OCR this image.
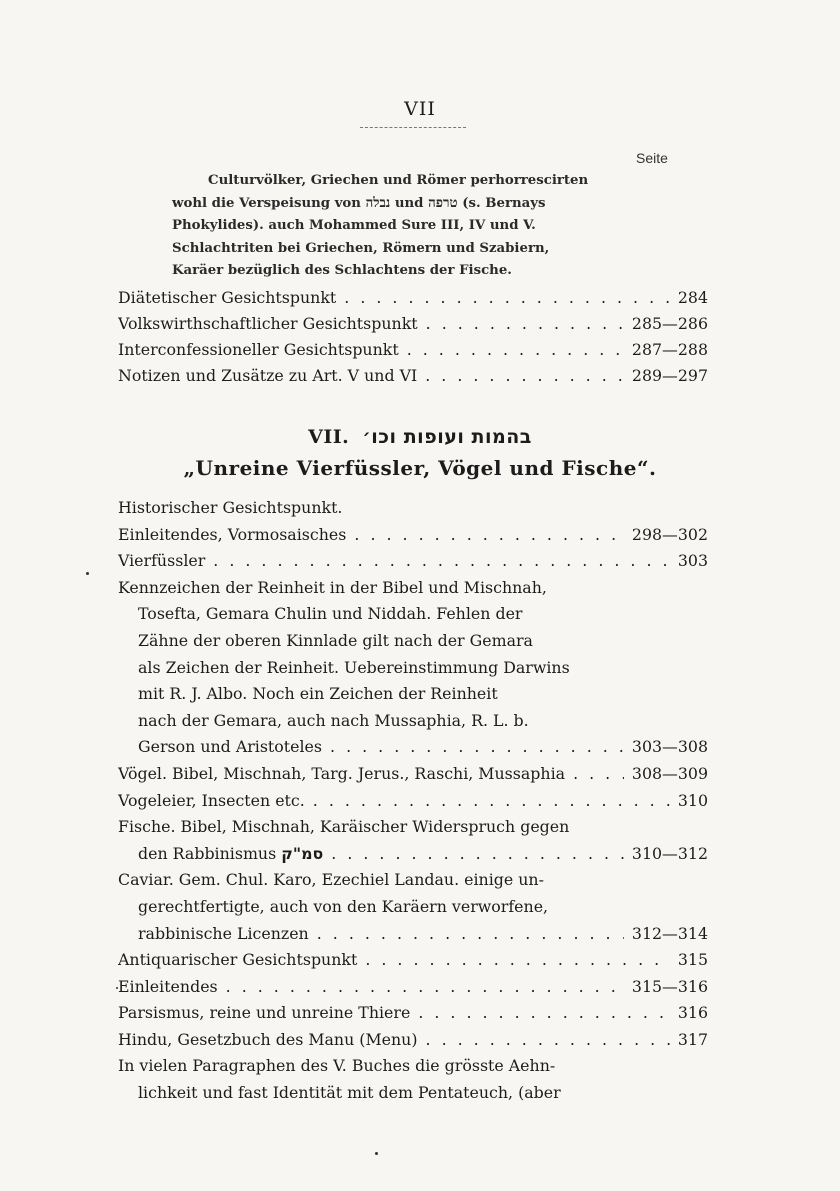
VII
Seite
Culturvölker, Griechen und Römer perhorrescirten
wohl die Verspeisung von נבלה und טרפה (s. Bernays
Phokylides). auch Mohammed Sure III, IV und V.
Schlachtriten bei Griechen, Römern und Szabiern,
Karäer bezüglich des Schlachtens der Fische.
Diätetischer Gesichtspunkt . . .	284
Volkswirthschaftlicher Gesichtspunkt . . .	285—286
Interconfessioneller Gesichtspunkt . . .	287—288
Notizen und Zusätze zu Art. V und VI . . .	289—297
VII. בהמות ועופות וכו׳
„Unreine Vierfüssler, Vögel und Fische“.
Historischer Gesichtspunkt.
Einleitendes, Vormosaisches . . .	298—302
Vierfüssler . . .	303
Kennzeichen der Reinheit in der Bibel und Mischnah,
Tosefta, Gemara Chulin und Niddah. Fehlen der
Zähne der oberen Kinnlade gilt nach der Gemara
als Zeichen der Reinheit. Uebereinstimmung Darwins
mit R. J. Albo. Noch ein Zeichen der Reinheit
nach der Gemara, auch nach Mussaphia, R. L. b.
Gerson und Aristoteles . . .	303—308
Vögel. Bibel, Mischnah, Targ. Jerus., Raschi, Mussaphia . . .	308—309
Vogeleier, Insecten etc. . . .	310
Fische. Bibel, Mischnah, Karäischer Widerspruch gegen
den Rabbinismus סמ"ק . . .	310—312
Caviar. Gem. Chul. Karo, Ezechiel Landau. einige un-
gerechtfertigte, auch von den Karäern verworfene,
rabbinische Licenzen . . .	312—314
Antiquarischer Gesichtspunkt . . .	315
Einleitendes . . .	315—316
Parsismus, reine und unreine Thiere . . .	316
Hindu, Gesetzbuch des Manu (Menu) . . .	317
In vielen Paragraphen des V. Buches die grösste Aehn-
lichkeit und fast Identität mit dem Pentateuch, (aber
